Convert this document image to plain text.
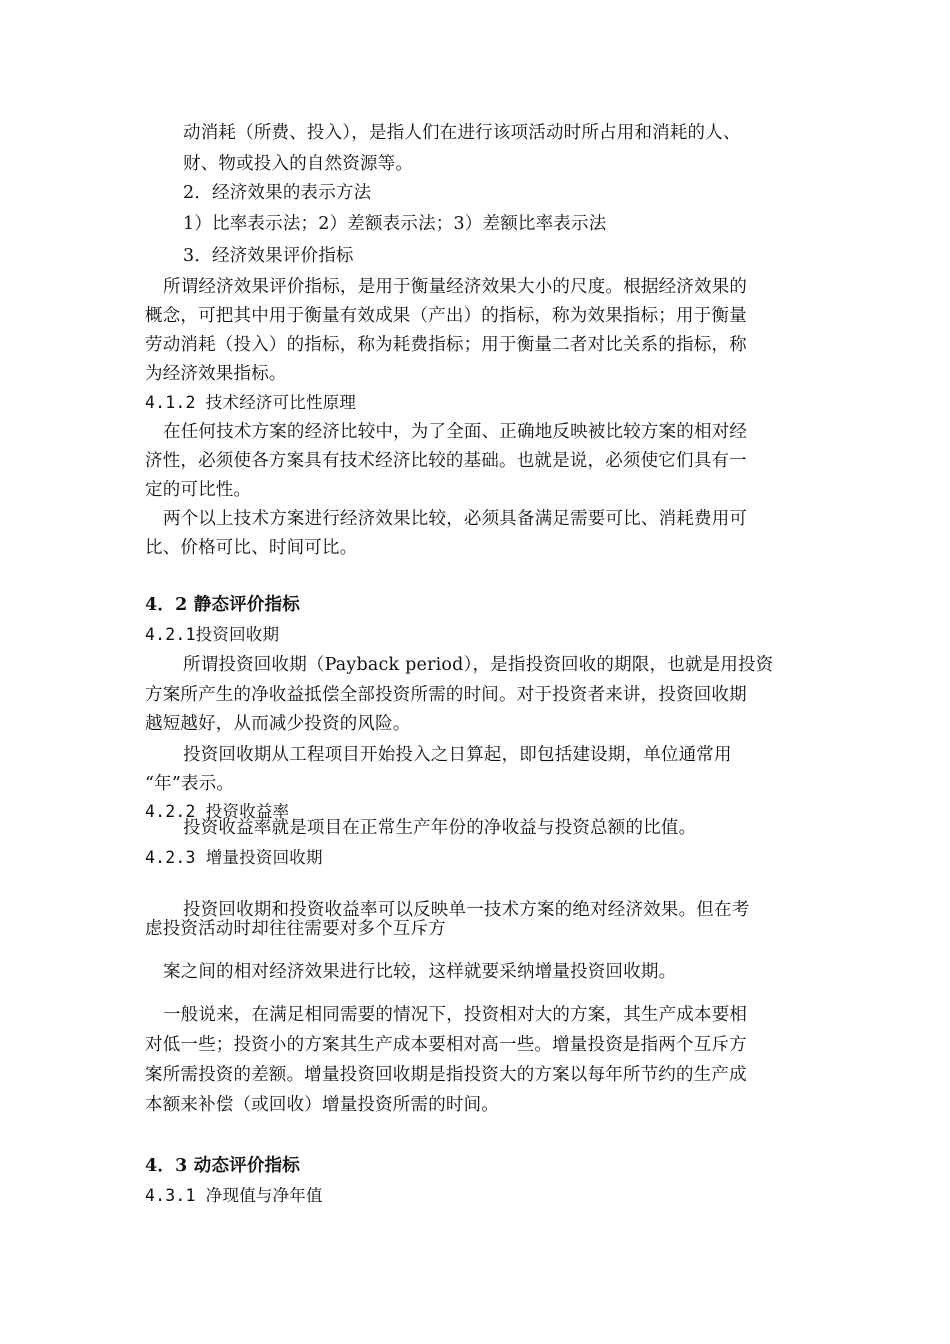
动消耗（所费、投入），是指人们在进行该项活动时所占用和消耗的人、
财、物或投入的自然资源等。
2．经济效果的表示方法
1）比率表示法；2）差额表示法；3）差额比率表示法
3．经济效果评价指标
所谓经济效果评价指标，是用于衡量经济效果大小的尺度。根据经济效果的
概念，可把其中用于衡量有效成果（产出）的指标，称为效果指标；用于衡量
劳动消耗（投入）的指标，称为耗费指标；用于衡量二者对比关系的指标，称
为经济效果指标。
4.1.2 技术经济可比性原理
在任何技术方案的经济比较中，为了全面、正确地反映被比较方案的相对经
济性，必须使各方案具有技术经济比较的基础。也就是说，必须使它们具有一
定的可比性。
两个以上技术方案进行经济效果比较，必须具备满足需要可比、消耗费用可
比、价格可比、时间可比。
4．2 静态评价指标
4.2.1投资回收期
所谓投资回收期（Payback period），是指投资回收的期限，也就是用投资
方案所产生的净收益抵偿全部投资所需的时间。对于投资者来讲，投资回收期
越短越好，从而减少投资的风险。
投资回收期从工程项目开始投入之日算起，即包括建设期，单位通常用
“年”表示。
4.2.2 投资收益率
投资收益率就是项目在正常生产年份的净收益与投资总额的比值。
4.2.3 增量投资回收期
投资回收期和投资收益率可以反映单一技术方案的绝对经济效果。但在考
虑投资活动时却往往需要对多个互斥方
案之间的相对经济效果进行比较，这样就要采纳增量投资回收期。
一般说来，在满足相同需要的情况下，投资相对大的方案，其生产成本要相
对低一些；投资小的方案其生产成本要相对高一些。增量投资是指两个互斥方
案所需投资的差额。增量投资回收期是指投资大的方案以每年所节约的生产成
本额来补偿（或回收）增量投资所需的时间。
4．3 动态评价指标
4.3.1 净现值与净年值
